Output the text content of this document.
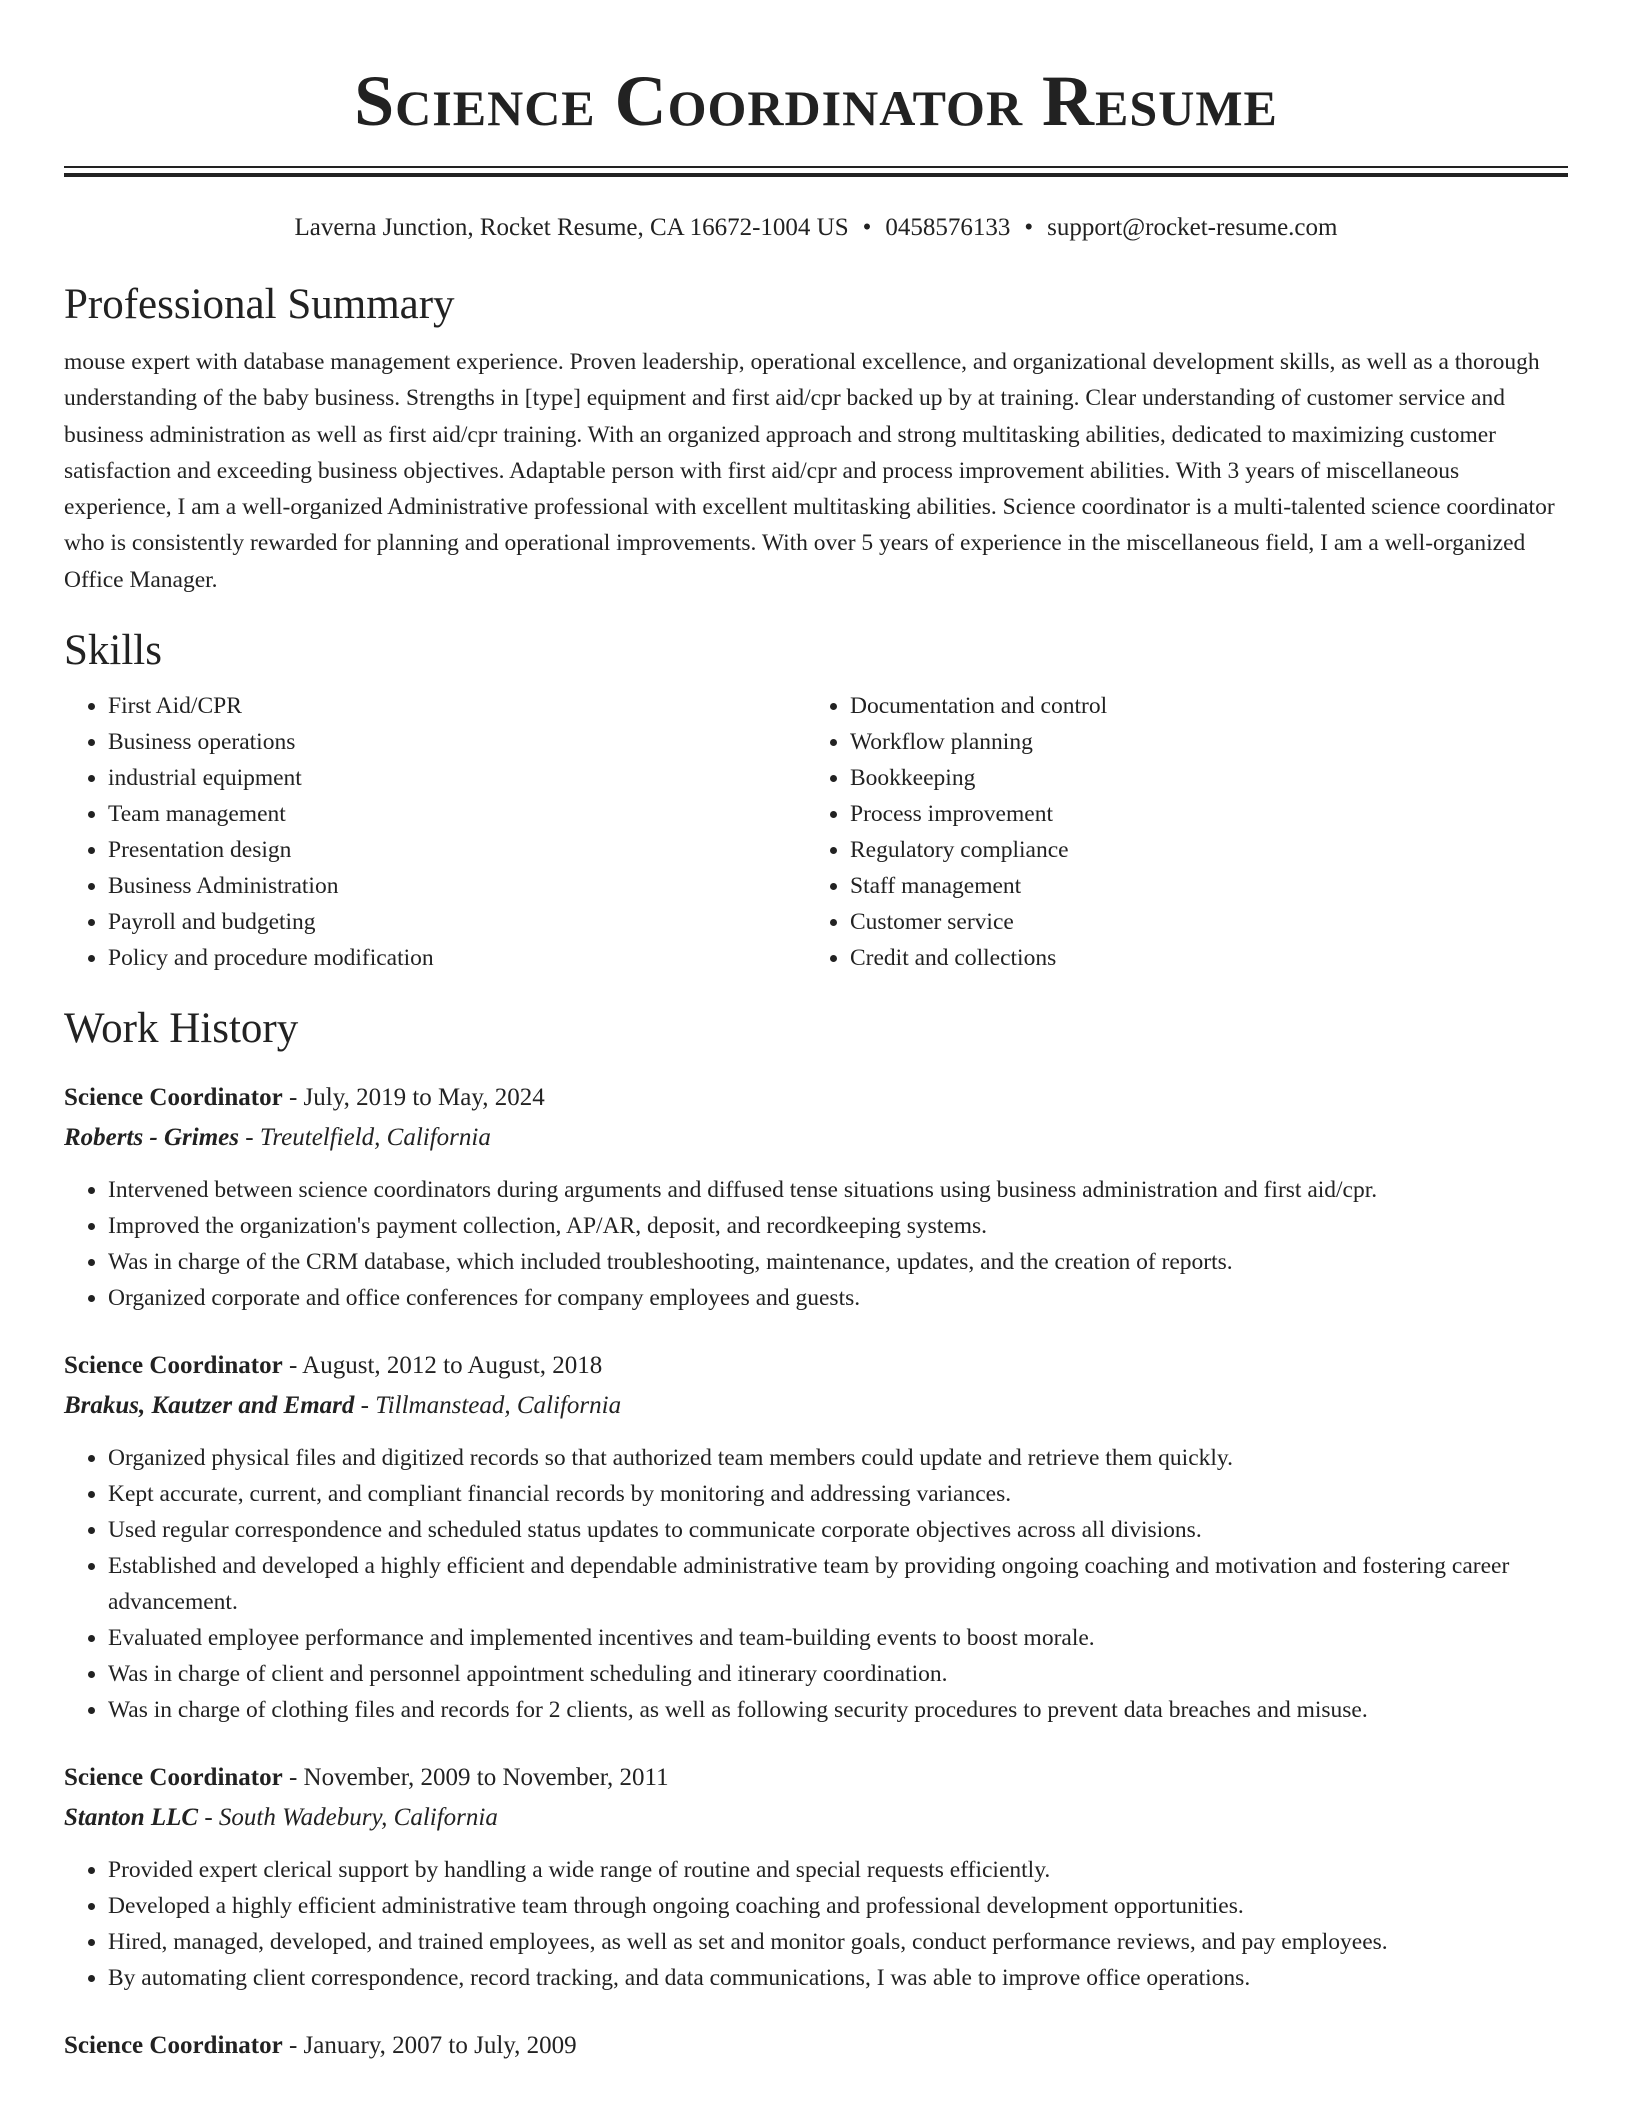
Science Coordinator Resume
Laverna Junction, Rocket Resume, CA 16672-1004 US • 0458576133 • support@rocket-resume.com
Professional Summary

mouse expert with database management experience. Proven leadership, operational excellence, and organizational development skills, as well as a thorough understanding of the baby business. Strengths in [type] equipment and first aid/cpr backed up by at training. Clear understanding of customer service and business administration as well as first aid/cpr training. With an organized approach and strong multitasking abilities, dedicated to maximizing customer satisfaction and exceeding business objectives. Adaptable person with first aid/cpr and process improvement abilities. With 3 years of miscellaneous experience, I am a well-organized Administrative professional with excellent multitasking abilities. Science coordinator is a multi-talented science coordinator who is consistently rewarded for planning and operational improvements. With over 5 years of experience in the miscellaneous field, I am a well-organized Office Manager.

Skills
• First Aid/CPR
• Business operations
• industrial equipment
• Team management
• Presentation design
• Business Administration
• Payroll and budgeting
• Policy and procedure modification
• Documentation and control
• Workflow planning
• Bookkeeping
• Process improvement
• Regulatory compliance
• Staff management
• Customer service
• Credit and collections
Work History
Science Coordinator - July, 2019 to May, 2024
Roberts - Grimes - Treutelfield, California
• Intervened between science coordinators during arguments and diffused tense situations using business administration and first aid/cpr.
• Improved the organization's payment collection, AP/AR, deposit, and recordkeeping systems.
• Was in charge of the CRM database, which included troubleshooting, maintenance, updates, and the creation of reports.
• Organized corporate and office conferences for company employees and guests.
Science Coordinator - August, 2012 to August, 2018
Brakus, Kautzer and Emard - Tillmanstead, California
• Organized physical files and digitized records so that authorized team members could update and retrieve them quickly.
• Kept accurate, current, and compliant financial records by monitoring and addressing variances.
• Used regular correspondence and scheduled status updates to communicate corporate objectives across all divisions.
• Established and developed a highly efficient and dependable administrative team by providing ongoing coaching and motivation and fostering career advancement.
• Evaluated employee performance and implemented incentives and team-building events to boost morale.
• Was in charge of client and personnel appointment scheduling and itinerary coordination.
• Was in charge of clothing files and records for 2 clients, as well as following security procedures to prevent data breaches and misuse.
Science Coordinator - November, 2009 to November, 2011
Stanton LLC - South Wadebury, California
• Provided expert clerical support by handling a wide range of routine and special requests efficiently.
• Developed a highly efficient administrative team through ongoing coaching and professional development opportunities.
• Hired, managed, developed, and trained employees, as well as set and monitor goals, conduct performance reviews, and pay employees.
• By automating client correspondence, record tracking, and data communications, I was able to improve office operations.
Science Coordinator - January, 2007 to July, 2009
